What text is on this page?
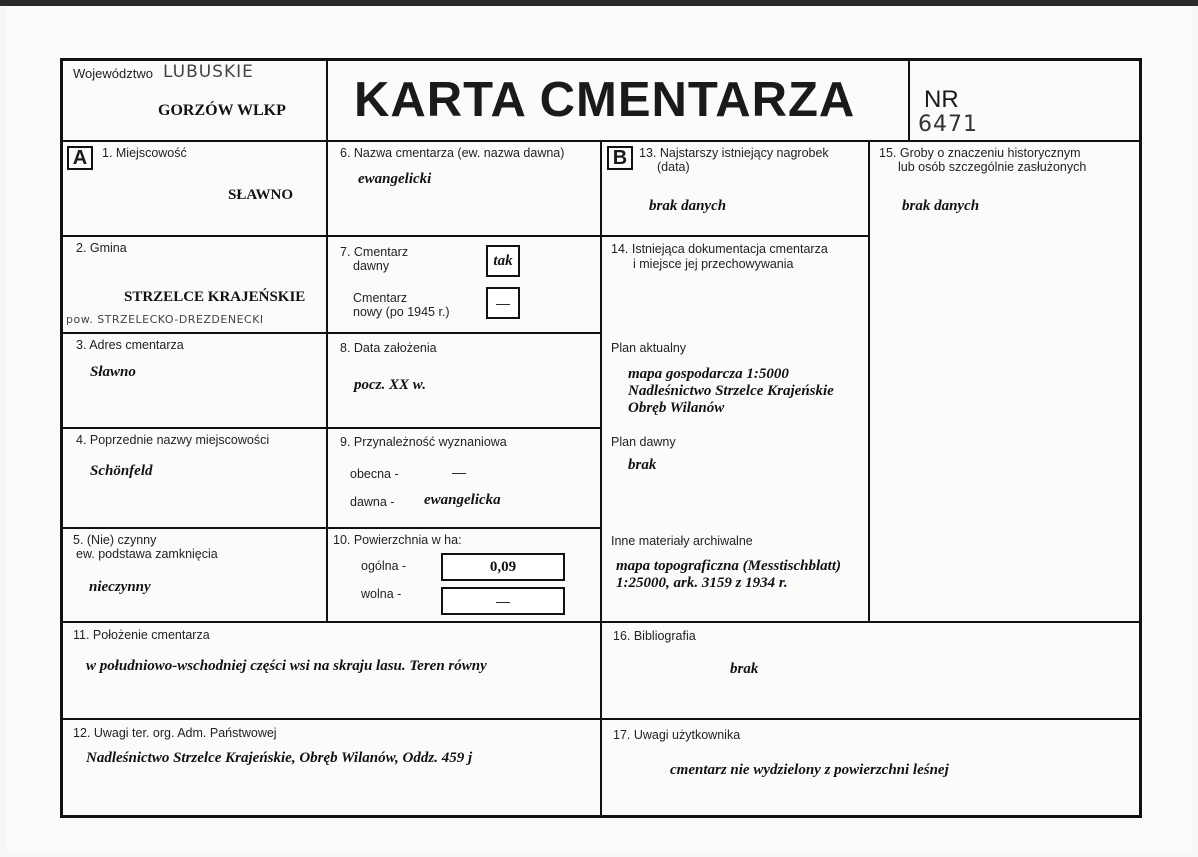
Województwo LUBUSKIE
GORZÓW WLKP KARTA CMENTARZA	NR
6471
A	1. Miejscowość
SŁAWNO
6. Nazwa cmentarza (ew. nazwa dawna)
ewangelicki
B 13. Najstarszy istniejący nagrobek
(data)
brak danych
15. Groby o znaczeniu historycznym
lub osób szczególnie zasłużonych
brak danych
2. Gmina
STRZELCE KRAJEŃSKIE
pow. STRZELECKO-DREZDENECKI
7. Cmentarz
dawny	tak
Cmentarz
nowy (po 1945 r.)
—
14. Istniejąca dokumentacja cmentarza
i miejsce jej przechowywania
Plan aktualny
mapa gospodarcza 1:5000
Nadleśnictwo Strzelce Krajeńskie
Obręb Wilanów
Plan dawny
brak
Inne materiały archiwalne
mapa topograficzna (Messtischblatt)
1:25000, ark. 3159 z 1934 r.
3. Adres cmentarza
Sławno
8. Data założenia
pocz. XX w.
4. Poprzednie nazwy miejscowości
Schönfeld
9. Przynależność wyznaniowa
obecna -	—
dawna - ewangelicka
5. (Nie) czynny
ew. podstawa zamknięcia
nieczynny
10. Powierzchnia w ha:
ogólna -	0,09
wolna -	—
11. Położenie cmentarza
w południowo-wschodniej części wsi na skraju lasu. Teren równy
16. Bibliografia
brak
12. Uwagi ter. org. Adm. Państwowej
Nadleśnictwo Strzelce Krajeńskie, Obręb Wilanów, Oddz. 459 j
17. Uwagi użytkownika
cmentarz nie wydzielony z powierzchni leśnej
